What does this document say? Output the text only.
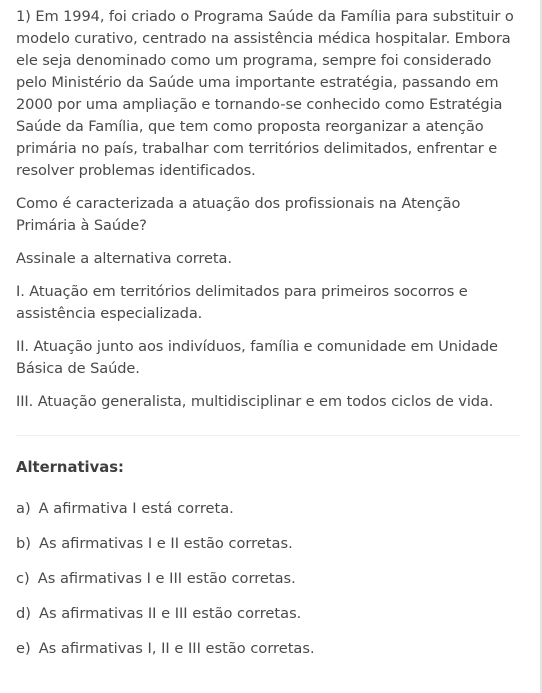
1) Em 1994, foi criado o Programa Saúde da Família para substituir o modelo curativo, centrado na assistência médica hospitalar. Embora ele seja denominado como um programa, sempre foi considerado pelo Ministério da Saúde uma importante estratégia, passando em 2000 por uma ampliação e tornando-se conhecido como Estratégia Saúde da Família, que tem como proposta reorganizar a atenção primária no país, trabalhar com territórios delimitados, enfrentar e resolver problemas identificados.

Como é caracterizada a atuação dos profissionais na Atenção Primária à Saúde?

Assinale a alternativa correta.

I. Atuação em territórios delimitados para primeiros socorros e assistência especializada.

II. Atuação junto aos indivíduos, família e comunidade em Unidade Básica de Saúde.

III. Atuação generalista, multidisciplinar e em todos ciclos de vida.

Alternativas:
a) A afirmativa I está correta.
b) As afirmativas I e II estão corretas.
c) As afirmativas I e III estão corretas.
d) As afirmativas II e III estão corretas.
e) As afirmativas I, II e III estão corretas.
